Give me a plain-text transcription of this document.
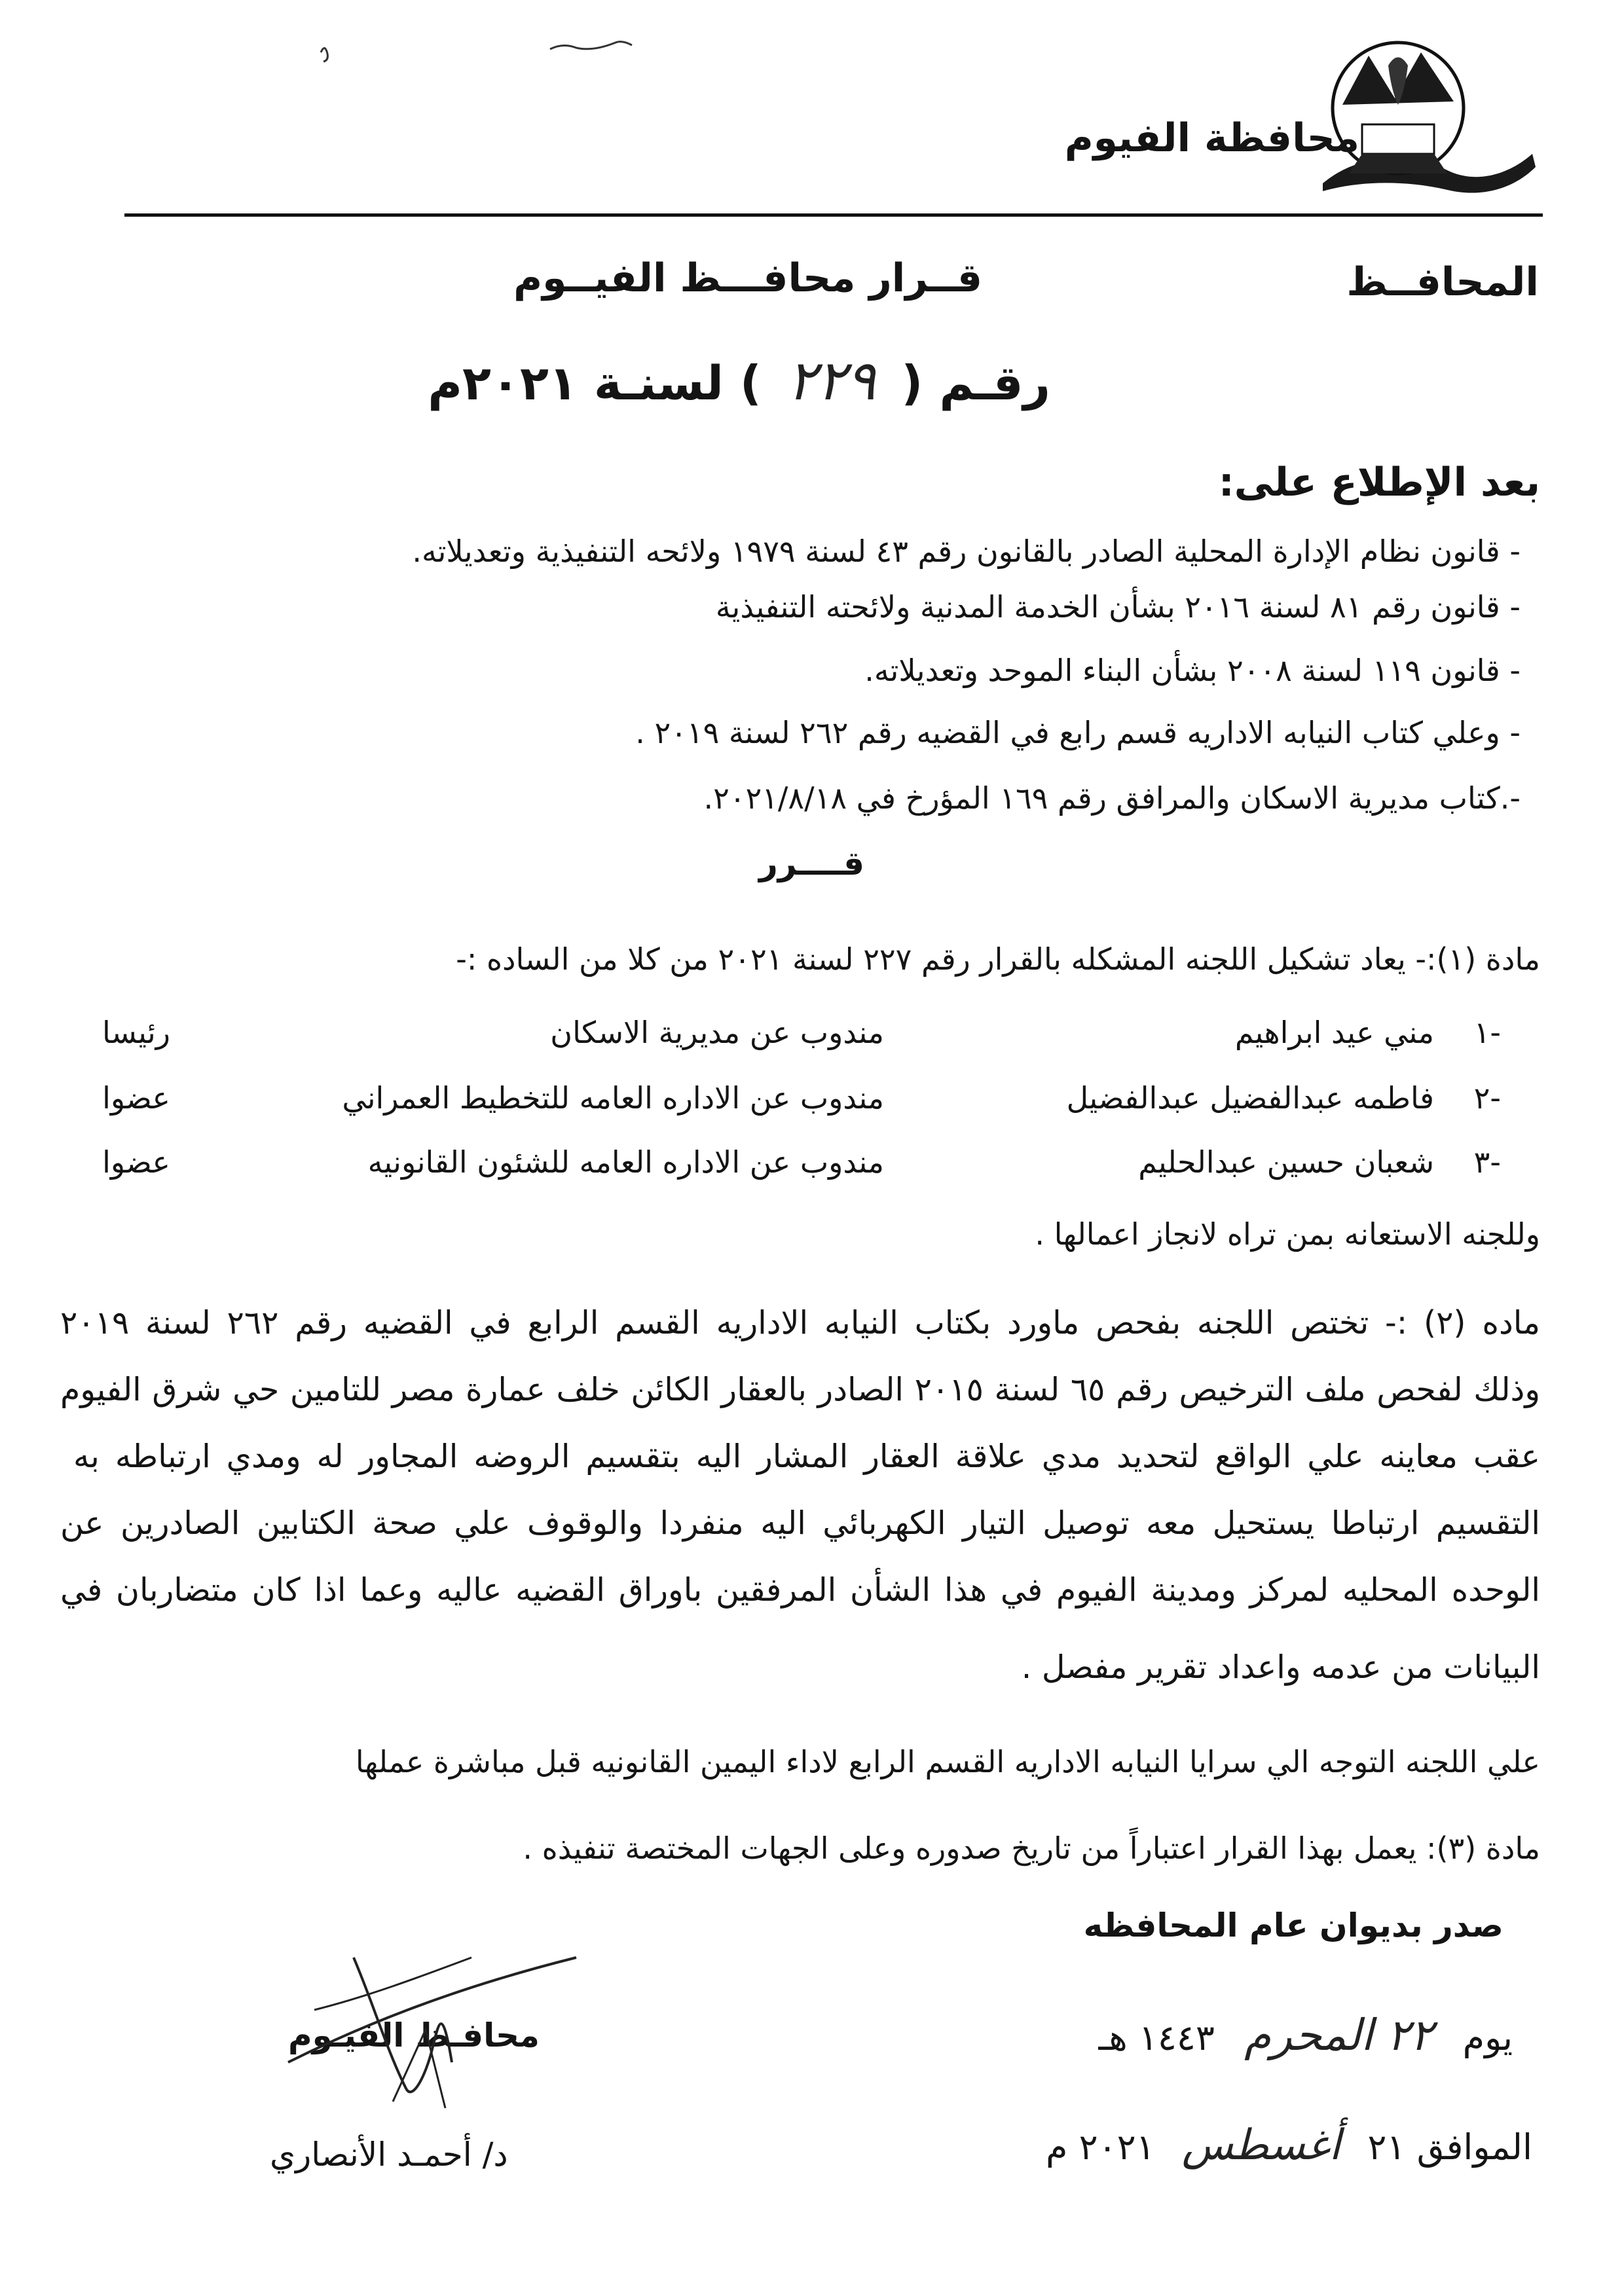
محافظة الفيوم
المحافــظ
قــرار محافـــظ الفيــوم
رقـم ( ٢٢٩ ) لسنـة ٢٠٢١م
بعد الإطلاع على:
- قانون نظام الإدارة المحلية الصادر بالقانون رقم ٤٣ لسنة ١٩٧٩ ولائحه التنفيذية وتعديلاته.
- قانون رقم ٨١ لسنة ٢٠١٦ بشأن الخدمة المدنية ولائحته التنفيذية
- قانون ١١٩ لسنة ٢٠٠٨ بشأن البناء الموحد وتعديلاته.
- وعلي كتاب النيابه الاداريه قسم رابع في القضيه رقم ٢٦٢ لسنة ٢٠١٩ .
-.كتاب مديرية الاسكان والمرافق رقم ١٦٩ المؤرخ في ٢٠٢١/٨/١٨.
قــــرر
مادة (١):- يعاد تشكيل اللجنه المشكله بالقرار رقم ٢٢٧ لسنة ٢٠٢١ من كلا من الساده :-
١-
مني عيد ابراهيم
مندوب عن مديرية الاسكان
رئيسا
٢-
فاطمه عبدالفضيل عبدالفضيل
مندوب عن الاداره العامه للتخطيط العمراني
عضوا
٣-
شعبان حسين عبدالحليم
مندوب عن الاداره العامه للشئون القانونيه
عضوا
وللجنه الاستعانه بمن تراه لانجاز اعمالها .
ماده (٢) :- تختص اللجنه بفحص ماورد بكتاب النيابه الاداريه القسم الرابع في القضيه رقم ٢٦٢ لسنة ٢٠١٩
وذلك لفحص ملف الترخيص رقم ٦٥ لسنة ٢٠١٥ الصادر بالعقار الكائن خلف عمارة مصر للتامين حي شرق الفيوم
عقب معاينه علي الواقع لتحديد مدي علاقة العقار المشار اليه بتقسيم الروضه المجاور له ومدي ارتباطه به
التقسيم ارتباطا يستحيل معه توصيل التيار الكهربائي اليه منفردا والوقوف علي صحة الكتابين الصادرين عن
الوحده المحليه لمركز ومدينة الفيوم في هذا الشأن المرفقين باوراق القضيه عاليه وعما اذا كان متضاربان في
البيانات من عدمه واعداد تقرير مفصل .
علي اللجنه التوجه الي سرايا النيابه الاداريه القسم الرابع لاداء اليمين القانونيه قبل مباشرة عملها
مادة (٣): يعمل بهذا القرار اعتباراً من تاريخ صدوره وعلى الجهات المختصة تنفيذه .
صدر بديوان عام المحافظه
يوم ٢٢ المحرم ١٤٤٣ هـ
الموافق ٢١ أغسطس ٢٠٢١ م
محافـظ الفيـوم
د/ أحمـد الأنصاري
